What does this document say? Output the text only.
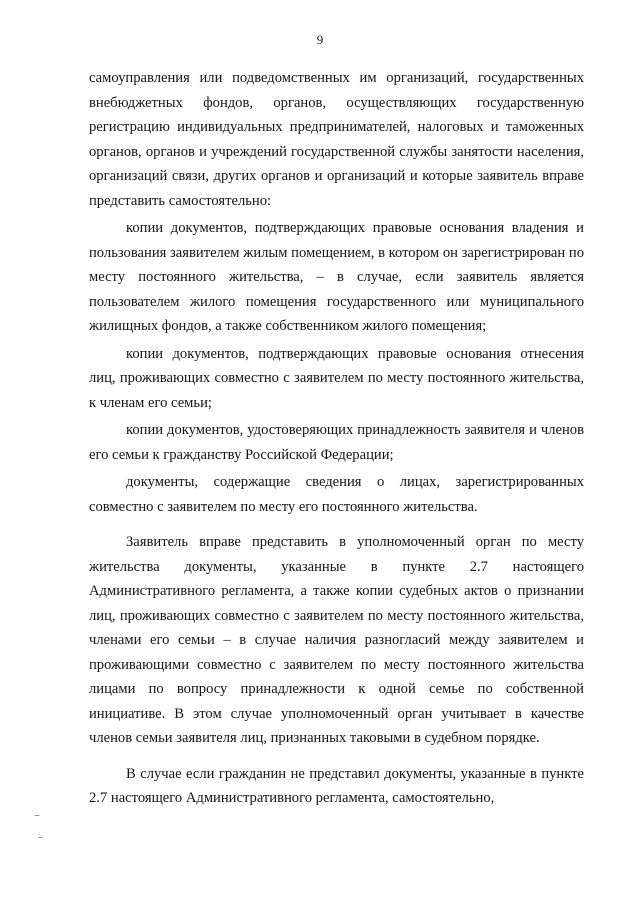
9

самоуправления или подведомственных им организаций, государственных внебюджетных фондов, органов, осуществляющих государственную регистрацию индивидуальных предпринимателей, налоговых и таможенных органов, органов и учреждений государственной службы занятости населения, организаций связи, других органов и организаций и которые заявитель вправе представить самостоятельно:

копии документов, подтверждающих правовые основания владения и пользования заявителем жилым помещением, в котором он зарегистрирован по месту постоянного жительства, – в случае, если заявитель является пользователем жилого помещения государственного или муниципального жилищных фондов, а также собственником жилого помещения;

копии документов, подтверждающих правовые основания отнесения лиц, проживающих совместно с заявителем по месту постоянного жительства, к членам его семьи;

копии документов, удостоверяющих принадлежность заявителя и членов его семьи к гражданству Российской Федерации;

документы, содержащие сведения о лицах, зарегистрированных совместно с заявителем по месту его постоянного жительства.

Заявитель вправе представить в уполномоченный орган по месту жительства документы, указанные в пункте 2.7 настоящего Административного регламента, а также копии судебных актов о признании лиц, проживающих совместно с заявителем по месту постоянного жительства, членами его семьи – в случае наличия разногласий между заявителем и проживающими совместно с заявителем по месту постоянного жительства лицами по вопросу принадлежности к одной семье по собственной инициативе. В этом случае уполномоченный орган учитывает в качестве членов семьи заявителя лиц, признанных таковыми в судебном порядке.

В случае если гражданин не представил документы, указанные в пункте 2.7 настоящего Административного регламента, самостоятельно,

–
-
